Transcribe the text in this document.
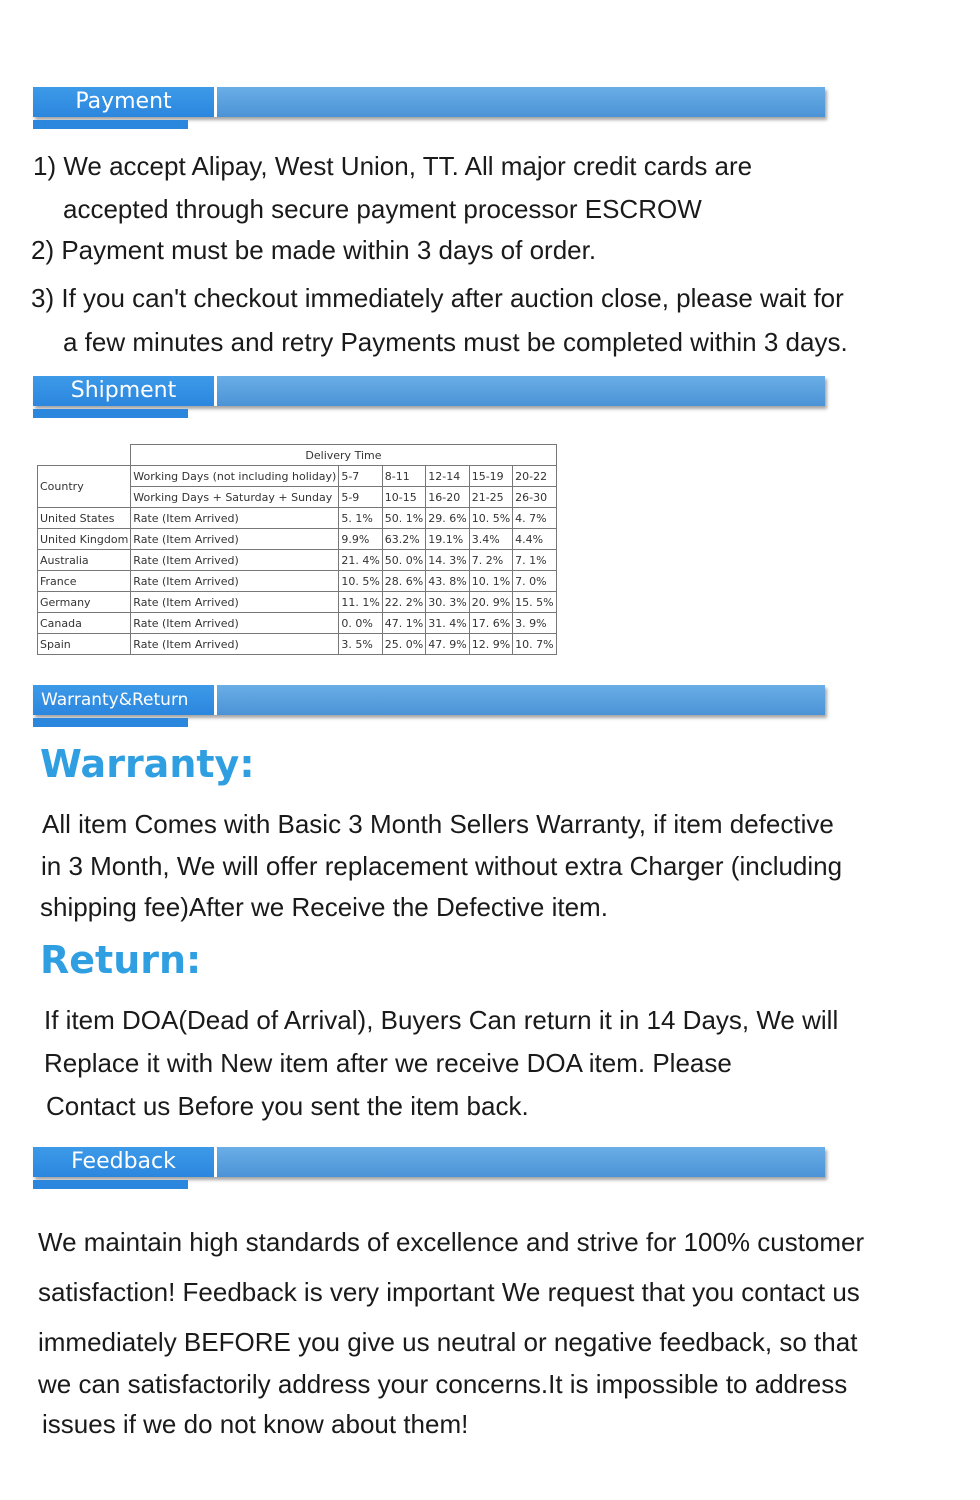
Payment
1) We accept Alipay, West Union, TT. All major credit cards are
accepted through secure payment processor ESCROW
2) Payment must be made within 3 days of order.
3) If you can't checkout immediately after auction close, please wait for
a few minutes and retry Payments must be completed within 3 days.
Shipment
	Delivery Time					
Country	Working Days (not including holiday)	5-7	8-11	12-14	15-19	20-22
	Working Days + Saturday + Sunday	5-9	10-15	16-20	21-25	26-30
United States	Rate (Item Arrived)	5. 1%	50. 1%	29. 6%	10. 5%	4. 7%
United Kingdom	Rate (Item Arrived)	9.9%	63.2%	19.1%	3.4%	4.4%
Australia	Rate (Item Arrived)	21. 4%	50. 0%	14. 3%	7. 2%	7. 1%
France	Rate (Item Arrived)	10. 5%	28. 6%	43. 8%	10. 1%	7. 0%
Germany	Rate (Item Arrived)	11. 1%	22. 2%	30. 3%	20. 9%	15. 5%
Canada	Rate (Item Arrived)	0. 0%	47. 1%	31. 4%	17. 6%	3. 9%
Spain	Rate (Item Arrived)	3. 5%	25. 0%	47. 9%	12. 9%	10. 7%
Warranty&Return
Warranty:
All item Comes with Basic 3 Month Sellers Warranty, if item defective
in 3 Month, We will offer replacement without extra Charger (including
shipping fee)After we Receive the Defective item.
Return:
If item DOA(Dead of Arrival), Buyers Can return it in 14 Days, We will
Replace it with New item after we receive DOA item. Please
Contact us Before you sent the item back.
Feedback
We maintain high standards of excellence and strive for 100% customer
satisfaction! Feedback is very important We request that you contact us
immediately BEFORE you give us neutral or negative feedback, so that
we can satisfactorily address your concerns.It is impossible to address
issues if we do not know about them!
